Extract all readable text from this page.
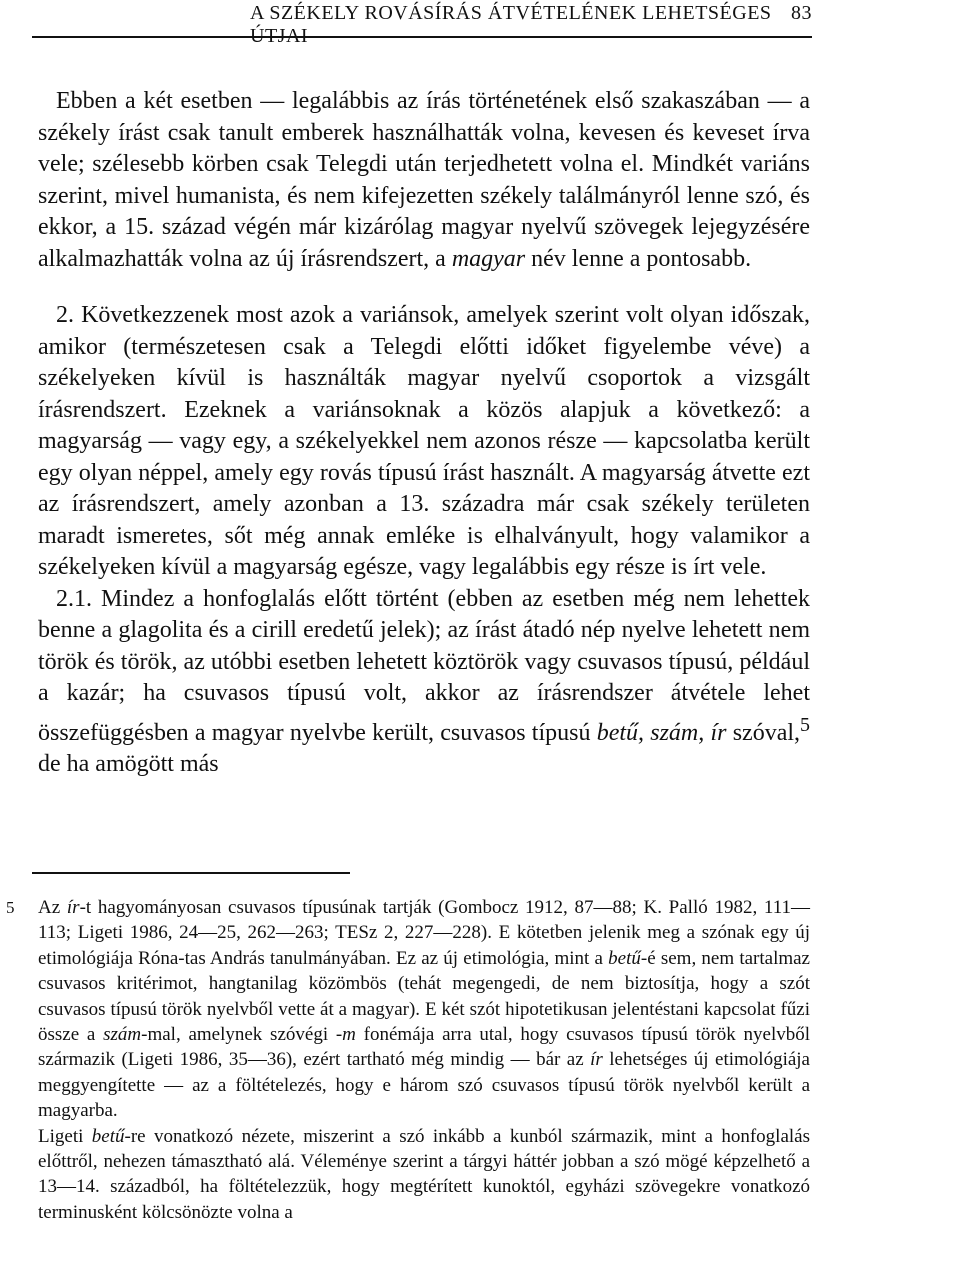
A SZÉKELY ROVÁSÍRÁS ÁTVÉTELÉNEK LEHETSÉGES ÚTJAI
83

Ebben a két esetben — legalábbis az írás történetének első szakaszában — a székely írást csak tanult emberek használhatták volna, kevesen és keveset írva vele; szélesebb körben csak Telegdi után terjedhetett volna el. Mindkét variáns szerint, mivel humanista, és nem kifejezetten székely találmányról lenne szó, és ekkor, a 15. század végén már kizárólag magyar nyelvű szövegek lejegyzésére alkalmazhatták volna az új írásrendszert, a magyar név lenne a pontosabb.

2. Következzenek most azok a variánsok, amelyek szerint volt olyan időszak, amikor (természetesen csak a Telegdi előtti időket figyelembe véve) a székelyeken kívül is használták magyar nyelvű csoportok a vizsgált írásrendszert. Ezeknek a variánsoknak a közös alapjuk a következő: a magyarság — vagy egy, a székelyekkel nem azonos része — kapcsolatba került egy olyan néppel, amely egy rovás típusú írást használt. A magyarság átvette ezt az írásrendszert, amely azonban a 13. századra már csak székely területen maradt ismeretes, sőt még annak emléke is elhalványult, hogy valamikor a székelyeken kívül a magyarság egésze, vagy legalábbis egy része is írt vele.

2.1. Mindez a honfoglalás előtt történt (ebben az esetben még nem lehettek benne a glagolita és a cirill eredetű jelek); az írást átadó nép nyelve lehetett nem török és török, az utóbbi esetben lehetett köztörök vagy csuvasos típusú, például a kazár; ha csuvasos típusú volt, akkor az írásrendszer átvétele lehet összefüggésben a magyar nyelvbe került, csuvasos típusú betű, szám, ír szóval,$^5$ de ha amögött más

5 Az ír-t hagyományosan csuvasos típusúnak tartják (Gombocz 1912, 87—88; K. Palló 1982, 111—113; Ligeti 1986, 24—25, 262—263; TESz 2, 227—228). E kötetben jelenik meg a szónak egy új etimológiája Róna-tas András tanulmányában. Ez az új etimológia, mint a betű-é sem, nem tartalmaz csuvasos kritérimot, hangtanilag közömbös (tehát megengedi, de nem biztosítja, hogy a szót csuvasos típusú török nyelvből vette át a magyar). E két szót hipotetikusan jelentéstani kapcsolat fűzi össze a szám-mal, amelynek szóvégi -m fonémája arra utal, hogy csuvasos típusú török nyelvből származik (Ligeti 1986, 35—36), ezért tartható még mindig — bár az ír lehetséges új etimológiája meggyengítette — az a föltételezés, hogy e három szó csuvasos típusú török nyelvből került a magyarba.

Ligeti betű-re vonatkozó nézete, miszerint a szó inkább a kunból származik, mint a honfoglalás előttről, nehezen támasztható alá. Véleménye szerint a tárgyi háttér jobban a szó mögé képzelhető a 13—14. századból, ha föltételezzük, hogy megtérített kunoktól, egyházi szövegekre vonatkozó terminusként kölcsönözte volna a
